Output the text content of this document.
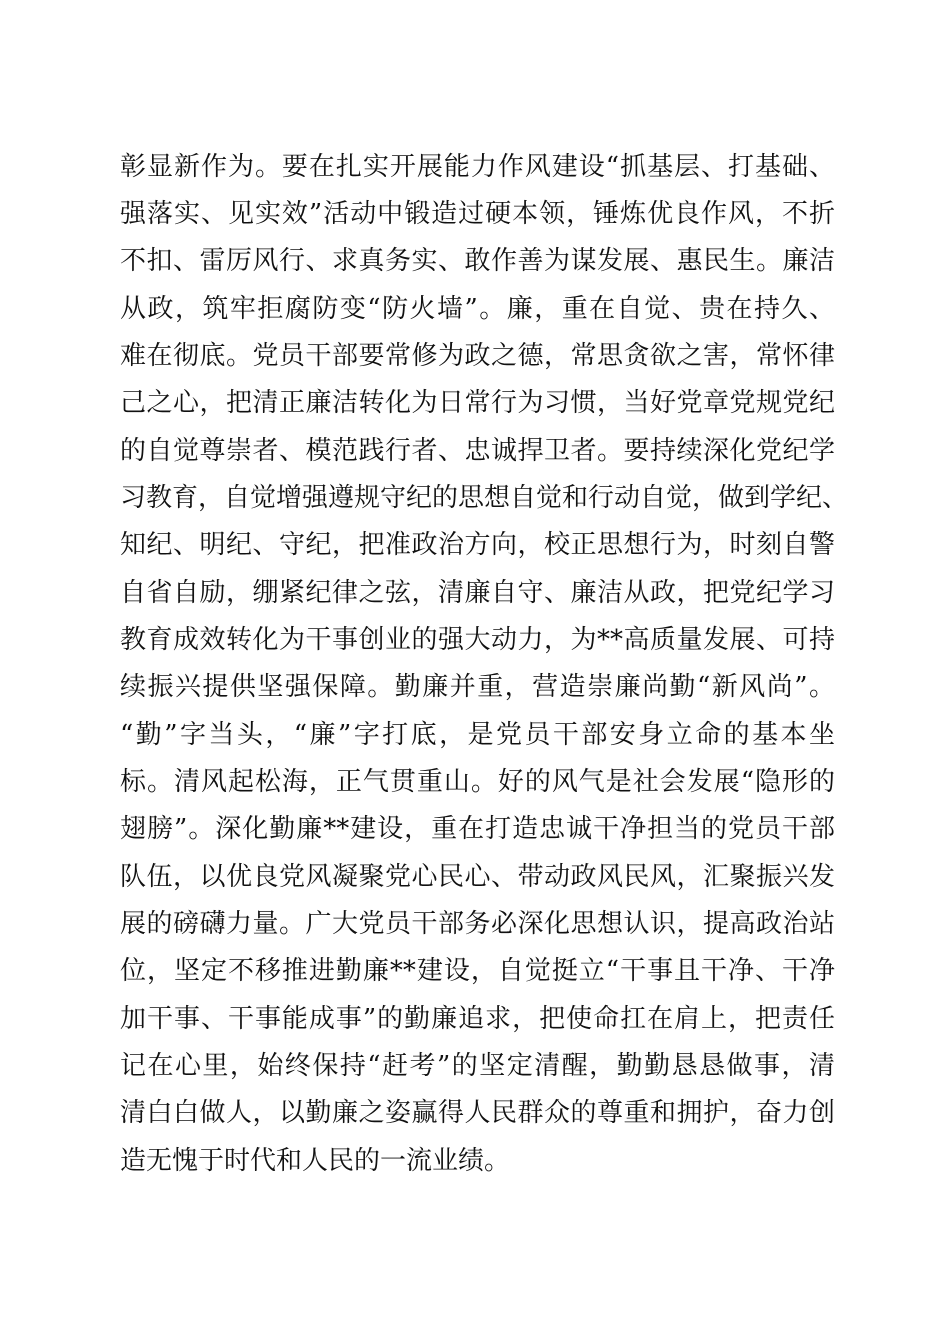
彰显新作为。要在扎实开展能力作风建设“抓基层、打基础、

强落实、见实效”活动中锻造过硬本领，锤炼优良作风，不折

不扣、雷厉风行、求真务实、敢作善为谋发展、惠民生。廉洁

从政，筑牢拒腐防变“防火墙”。廉，重在自觉、贵在持久、

难在彻底。党员干部要常修为政之德，常思贪欲之害，常怀律

己之心，把清正廉洁转化为日常行为习惯，当好党章党规党纪

的自觉尊崇者、模范践行者、忠诚捍卫者。要持续深化党纪学

习教育，自觉增强遵规守纪的思想自觉和行动自觉，做到学纪、

知纪、明纪、守纪，把准政治方向，校正思想行为，时刻自警

自省自励，绷紧纪律之弦，清廉自守、廉洁从政，把党纪学习

教育成效转化为干事创业的强大动力，为**高质量发展、可持

续振兴提供坚强保障。勤廉并重，营造崇廉尚勤“新风尚”。

“勤”字当头，“廉”字打底，是党员干部安身立命的基本坐

标。清风起松海，正气贯重山。好的风气是社会发展“隐形的

翅膀”。深化勤廉**建设，重在打造忠诚干净担当的党员干部

队伍，以优良党风凝聚党心民心、带动政风民风，汇聚振兴发

展的磅礴力量。广大党员干部务必深化思想认识，提高政治站

位，坚定不移推进勤廉**建设，自觉挺立“干事且干净、干净

加干事、干事能成事”的勤廉追求，把使命扛在肩上，把责任

记在心里，始终保持“赶考”的坚定清醒，勤勤恳恳做事，清

清白白做人，以勤廉之姿赢得人民群众的尊重和拥护，奋力创

造无愧于时代和人民的一流业绩。
